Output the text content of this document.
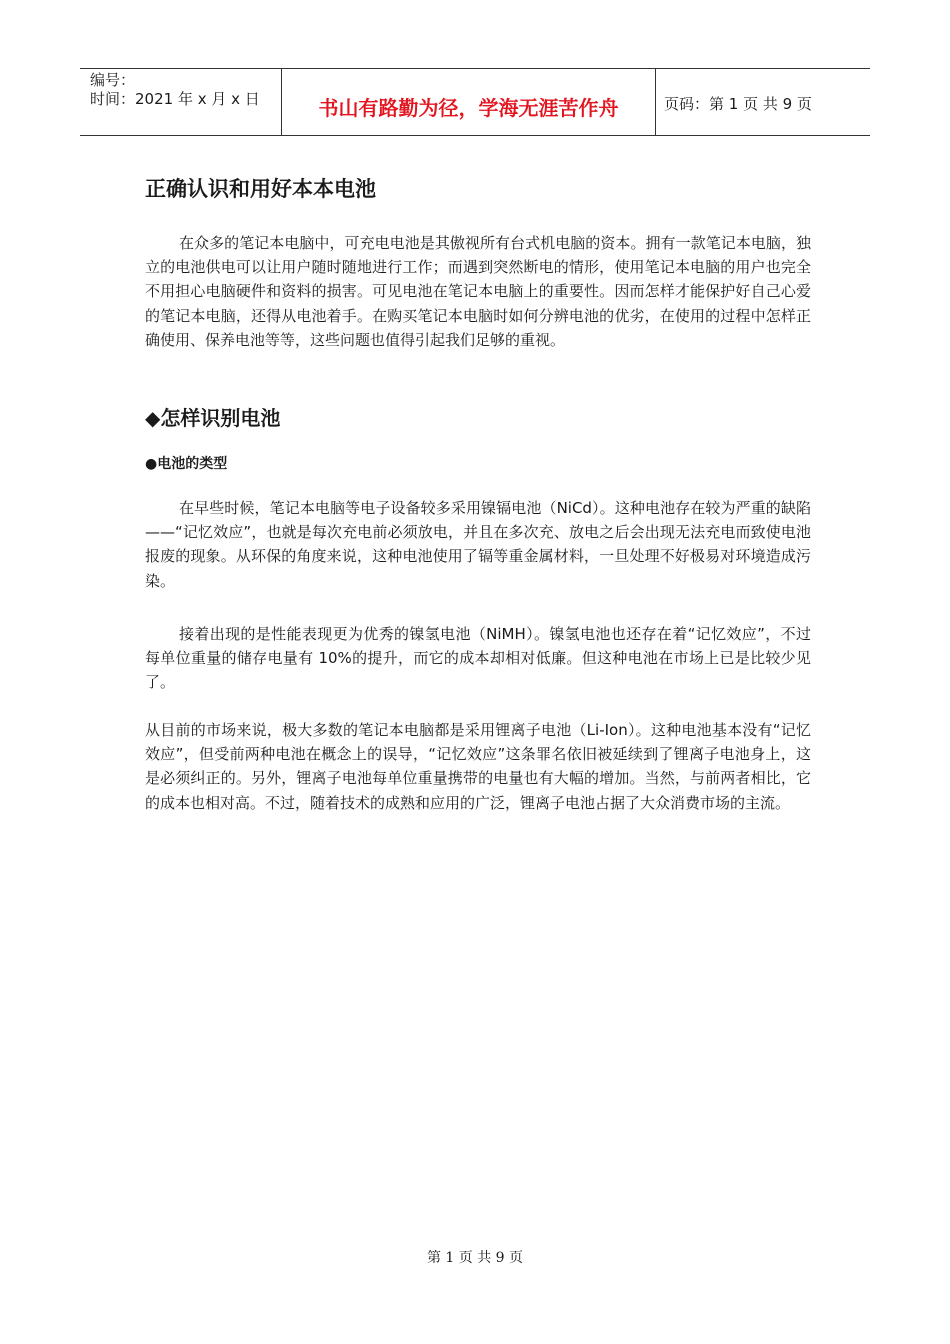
编号：
时间：2021 年 x 月 x 日	书山有路勤为径，学海无涯苦作舟	页码：第 1 页 共 9 页
正确认识和用好本本电池

在众多的笔记本电脑中，可充电电池是其傲视所有台式机电脑的资本。拥有一款笔记本电脑，独立的电池供电可以让用户随时随地进行工作；而遇到突然断电的情形，使用笔记本电脑的用户也完全不用担心电脑硬件和资料的损害。可见电池在笔记本电脑上的重要性。因而怎样才能保护好自己心爱的笔记本电脑，还得从电池着手。在购买笔记本电脑时如何分辨电池的优劣，在使用的过程中怎样正确使用、保养电池等等，这些问题也值得引起我们足够的重视。

◆怎样识别电池
●电池的类型

在早些时候，笔记本电脑等电子设备较多采用镍镉电池（NiCd）。这种电池存在较为严重的缺陷——“记忆效应”，也就是每次充电前必须放电，并且在多次充、放电之后会出现无法充电而致使电池报废的现象。从环保的角度来说，这种电池使用了镉等重金属材料，一旦处理不好极易对环境造成污染。

接着出现的是性能表现更为优秀的镍氢电池（NiMH）。镍氢电池也还存在着“记忆效应”，不过每单位重量的储存电量有 10%的提升，而它的成本却相对低廉。但这种电池在市场上已是比较少见了。

从目前的市场来说，极大多数的笔记本电脑都是采用锂离子电池（Li-Ion）。这种电池基本没有“记忆效应”，但受前两种电池在概念上的误导，“记忆效应”这条罪名依旧被延续到了锂离子电池身上，这是必须纠正的。另外，锂离子电池每单位重量携带的电量也有大幅的增加。当然，与前两者相比，它的成本也相对高。不过，随着技术的成熟和应用的广泛，锂离子电池占据了大众消费市场的主流。

第 1 页 共 9 页
